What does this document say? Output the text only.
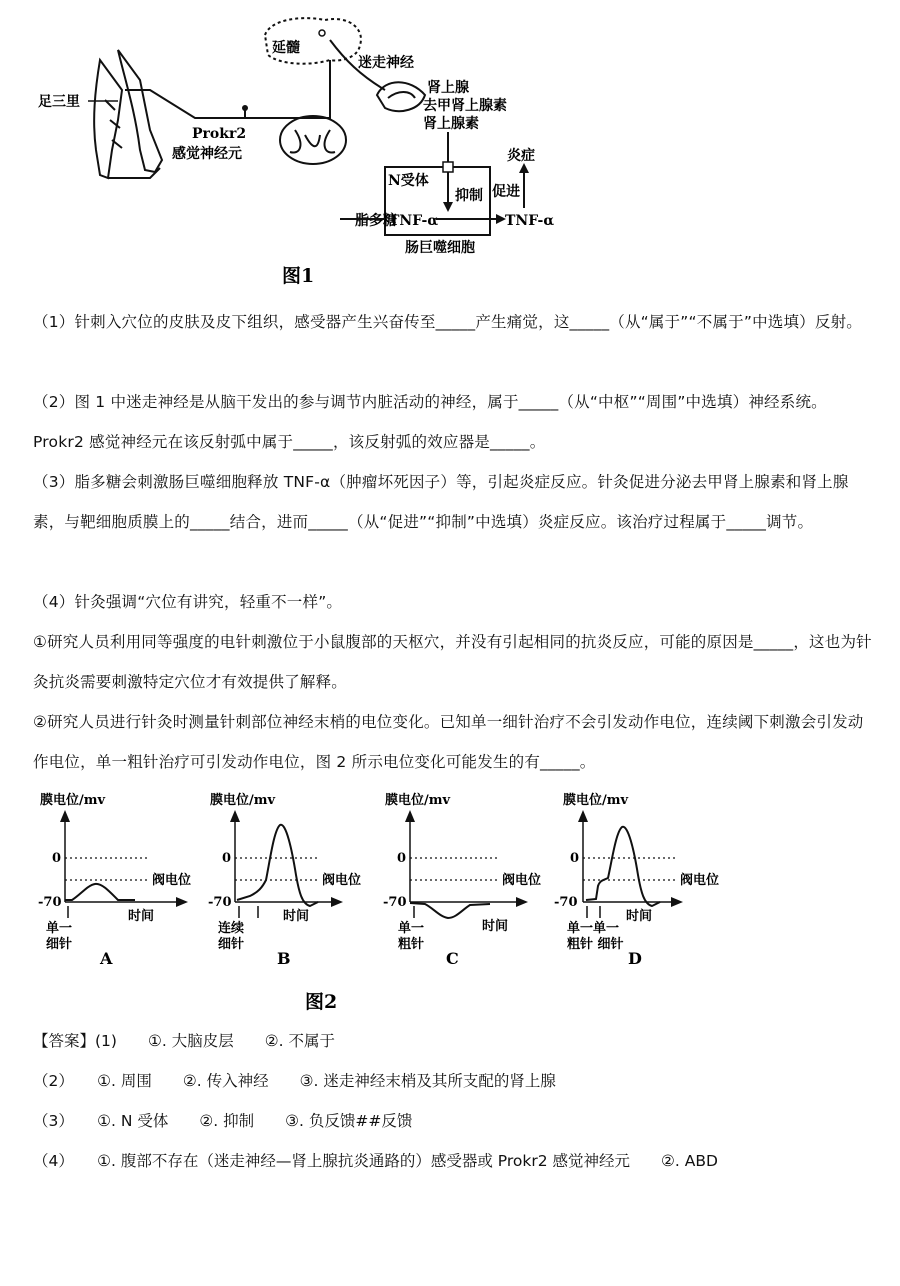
足三里
Prokr2
感觉神经元
延髓
迷走神经
肾上腺
去甲肾上腺素
肾上腺素
N受体
抑制
脂多糖
TNF-α	TNF-α
促进
炎症
肠巨噬细胞
图1

（1）针刺入穴位的皮肤及皮下组织，感受器产生兴奋传至_____产生痛觉，这_____（从“属于”“不属于”中选填）反射。

（2）图 1 中迷走神经是从脑干发出的参与调节内脏活动的神经，属于_____（从“中枢”“周围”中选填）神经系统。Prokr2 感觉神经元在该反射弧中属于_____，该反射弧的效应器是_____。

（3）脂多糖会刺激肠巨噬细胞释放 TNF-α（肿瘤坏死因子）等，引起炎症反应。针灸促进分泌去甲肾上腺素和肾上腺素，与靶细胞质膜上的_____结合，进而_____（从“促进”“抑制”中选填）炎症反应。该治疗过程属于_____调节。

（4）针灸强调“穴位有讲究，轻重不一样”。

①研究人员利用同等强度的电针刺激位于小鼠腹部的天枢穴，并没有引起相同的抗炎反应，可能的原因是_____，这也为针灸抗炎需要刺激特定穴位才有效提供了解释。

②研究人员进行针灸时测量针刺部位神经末梢的电位变化。已知单一细针治疗不会引发动作电位，连续阈下刺激会引发动作电位，单一粗针治疗可引发动作电位，图 2 所示电位变化可能发生的有_____。

膜电位/mv
0
-70
阀电位
时间
单一
细针
A
膜电位/mv
0
-70
阀电位
时间
连续
细针
B
膜电位/mv
0
-70
阀电位
时间
单一
粗针
C
膜电位/mv
0
-70
阀电位
时间
单一单一
粗针 细针
D
图2
【答案】(1)　　①. 大脑皮层　　②. 不属于
（2）　　①. 周围　　②. 传入神经　　③. 迷走神经末梢及其所支配的肾上腺
（3）　　①. N 受体　　②. 抑制　　③. 负反馈##反馈
（4）　　①. 腹部不存在（迷走神经—肾上腺抗炎通路的）感受器或 Prokr2 感觉神经元　　②. ABD
